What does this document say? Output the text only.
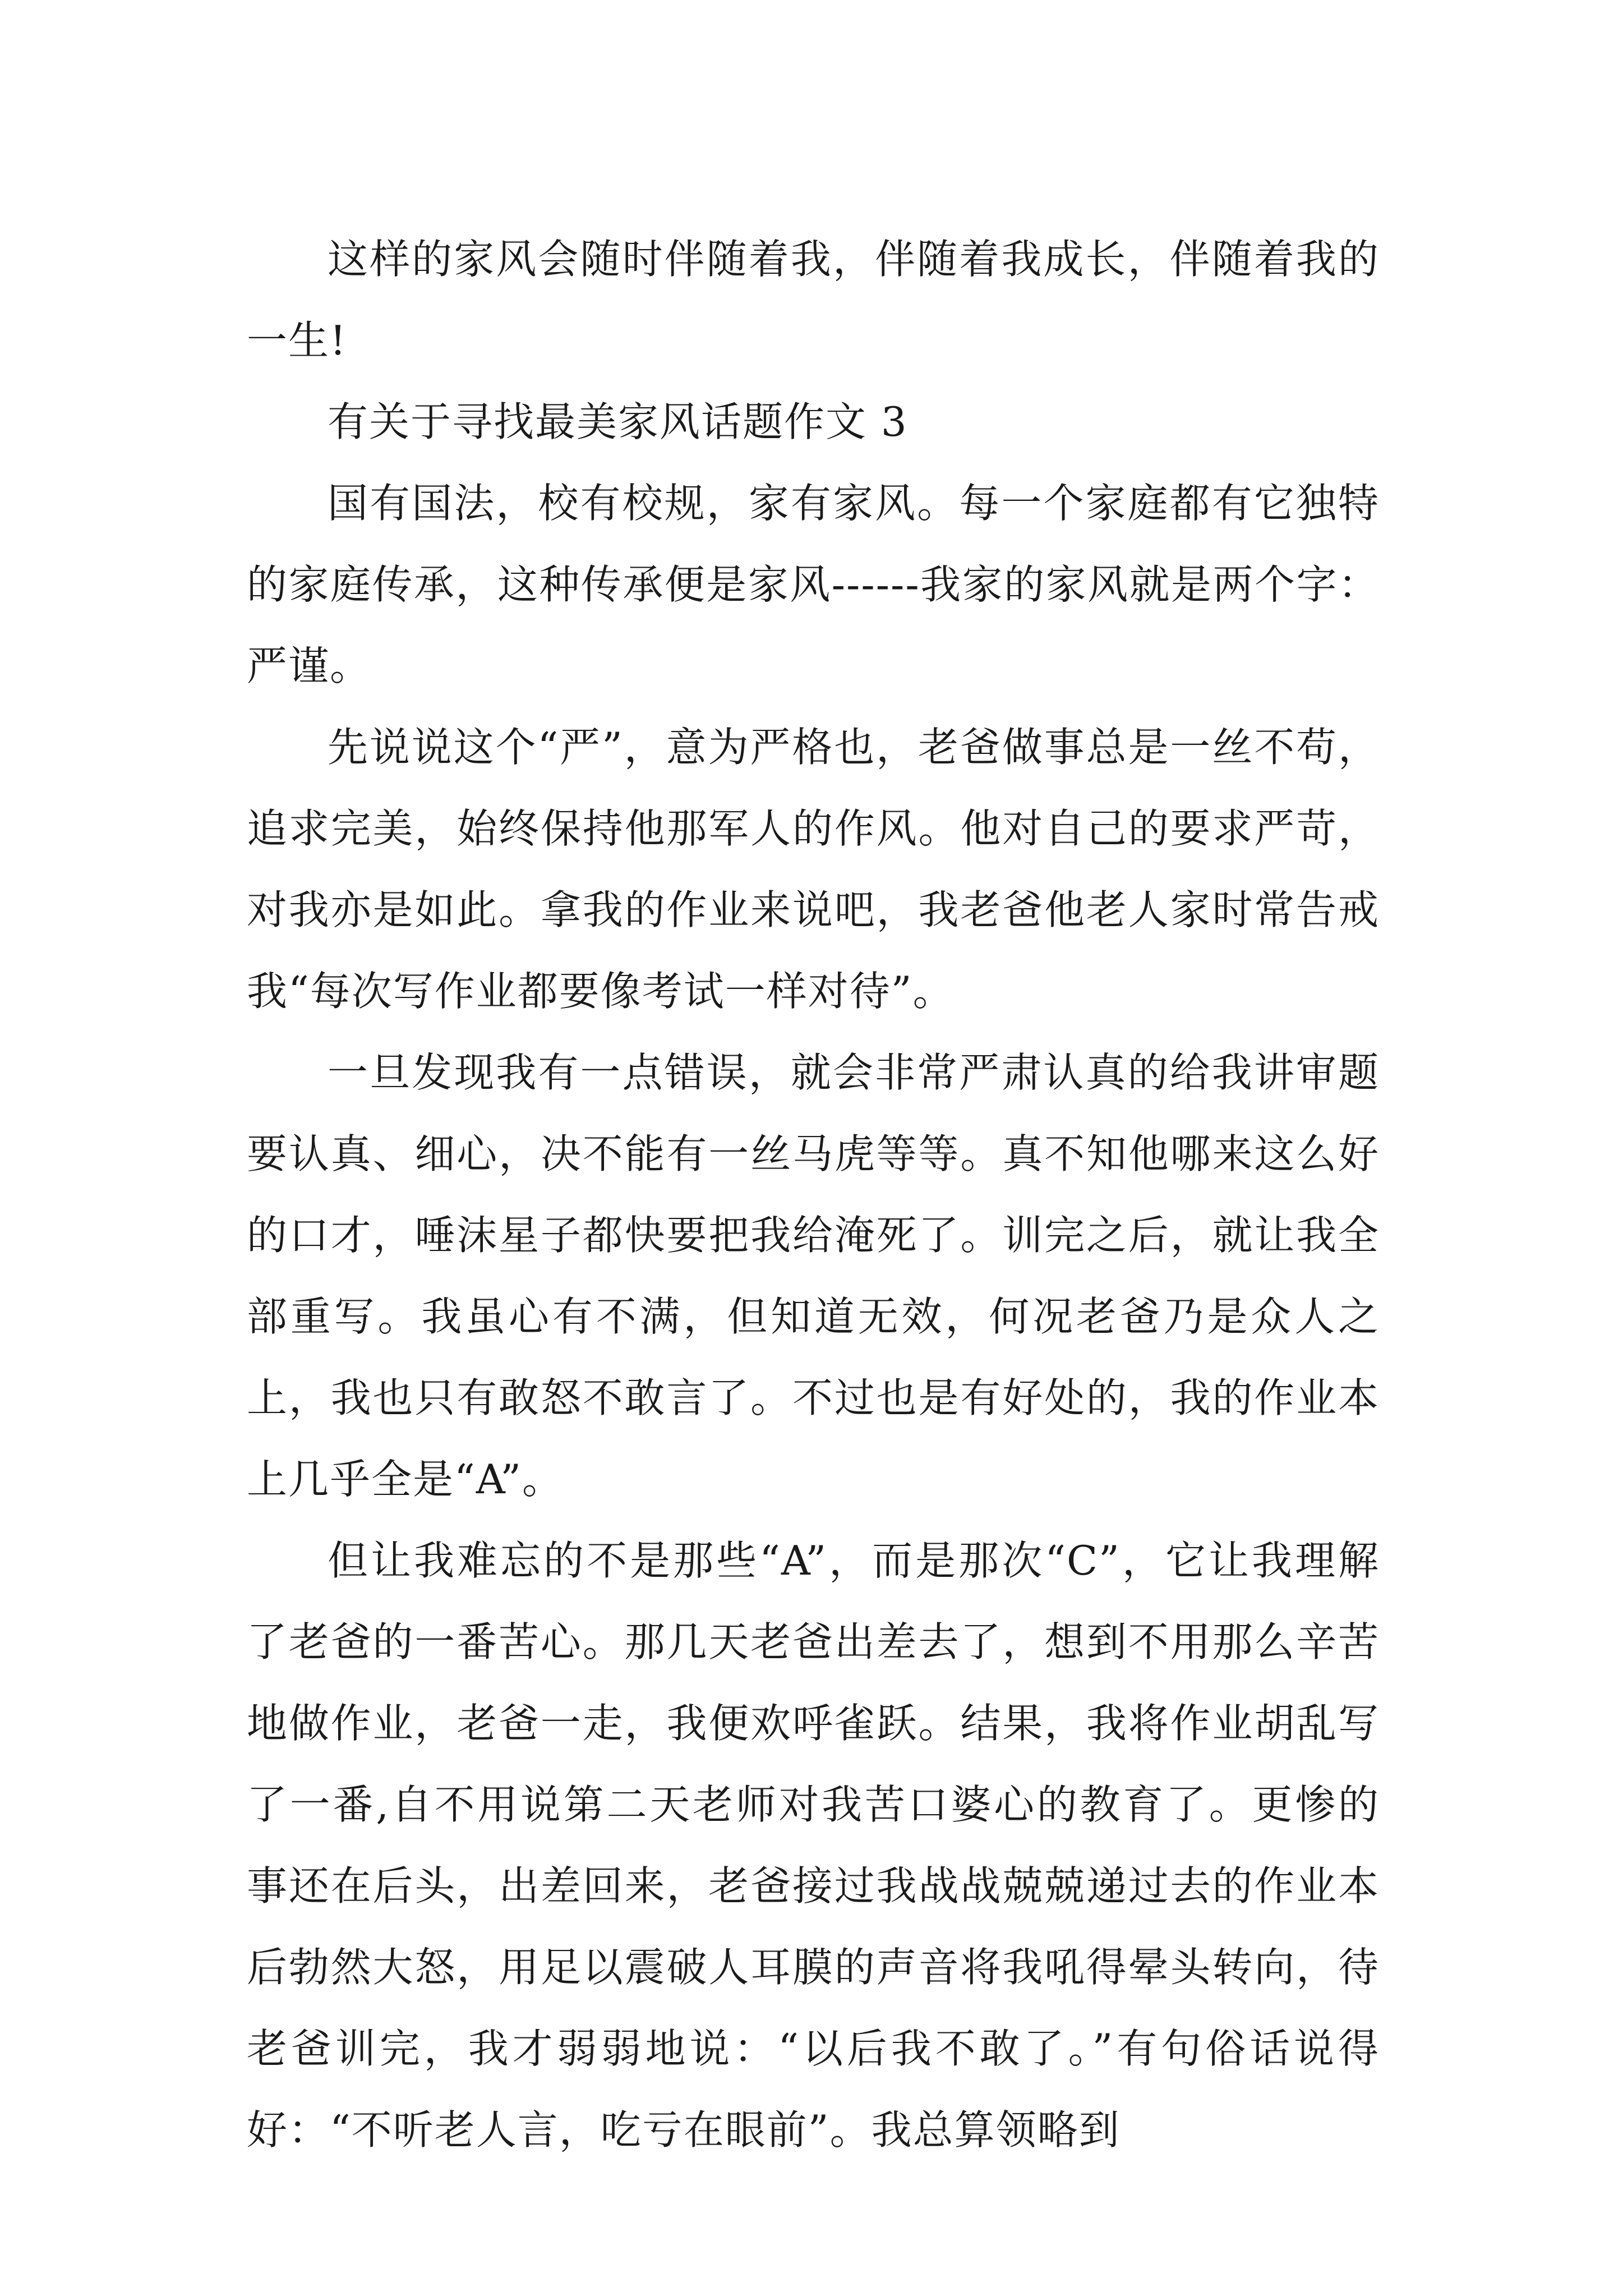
这样的家风会随时伴随着我，伴随着我成长，伴随着我的一生!

有关于寻找最美家风话题作文 3

国有国法，校有校规，家有家风。每一个家庭都有它独特的家庭传承，这种传承便是家风------我家的家风就是两个字：严谨。

先说说这个“严”，意为严格也，老爸做事总是一丝不苟，追求完美，始终保持他那军人的作风。他对自己的要求严苛，对我亦是如此。拿我的作业来说吧，我老爸他老人家时常告戒我“每次写作业都要像考试一样对待”。

一旦发现我有一点错误，就会非常严肃认真的给我讲审题要认真、细心，决不能有一丝马虎等等。真不知他哪来这么好的口才，唾沫星子都快要把我给淹死了。训完之后，就让我全部重写。我虽心有不满，但知道无效，何况老爸乃是众人之上，我也只有敢怒不敢言了。不过也是有好处的，我的作业本上几乎全是“A”。

但让我难忘的不是那些“A”，而是那次“C”，它让我理解了老爸的一番苦心。那几天老爸出差去了，想到不用那么辛苦地做作业，老爸一走，我便欢呼雀跃。结果，我将作业胡乱写了一番,自不用说第二天老师对我苦口婆心的教育了。更惨的事还在后头，出差回来，老爸接过我战战兢兢递过去的作业本后勃然大怒，用足以震破人耳膜的声音将我吼得晕头转向，待老爸训完，我才弱弱地说：“以后我不敢了。”有句俗话说得好：“不听老人言，吃亏在眼前”。我总算领略到
